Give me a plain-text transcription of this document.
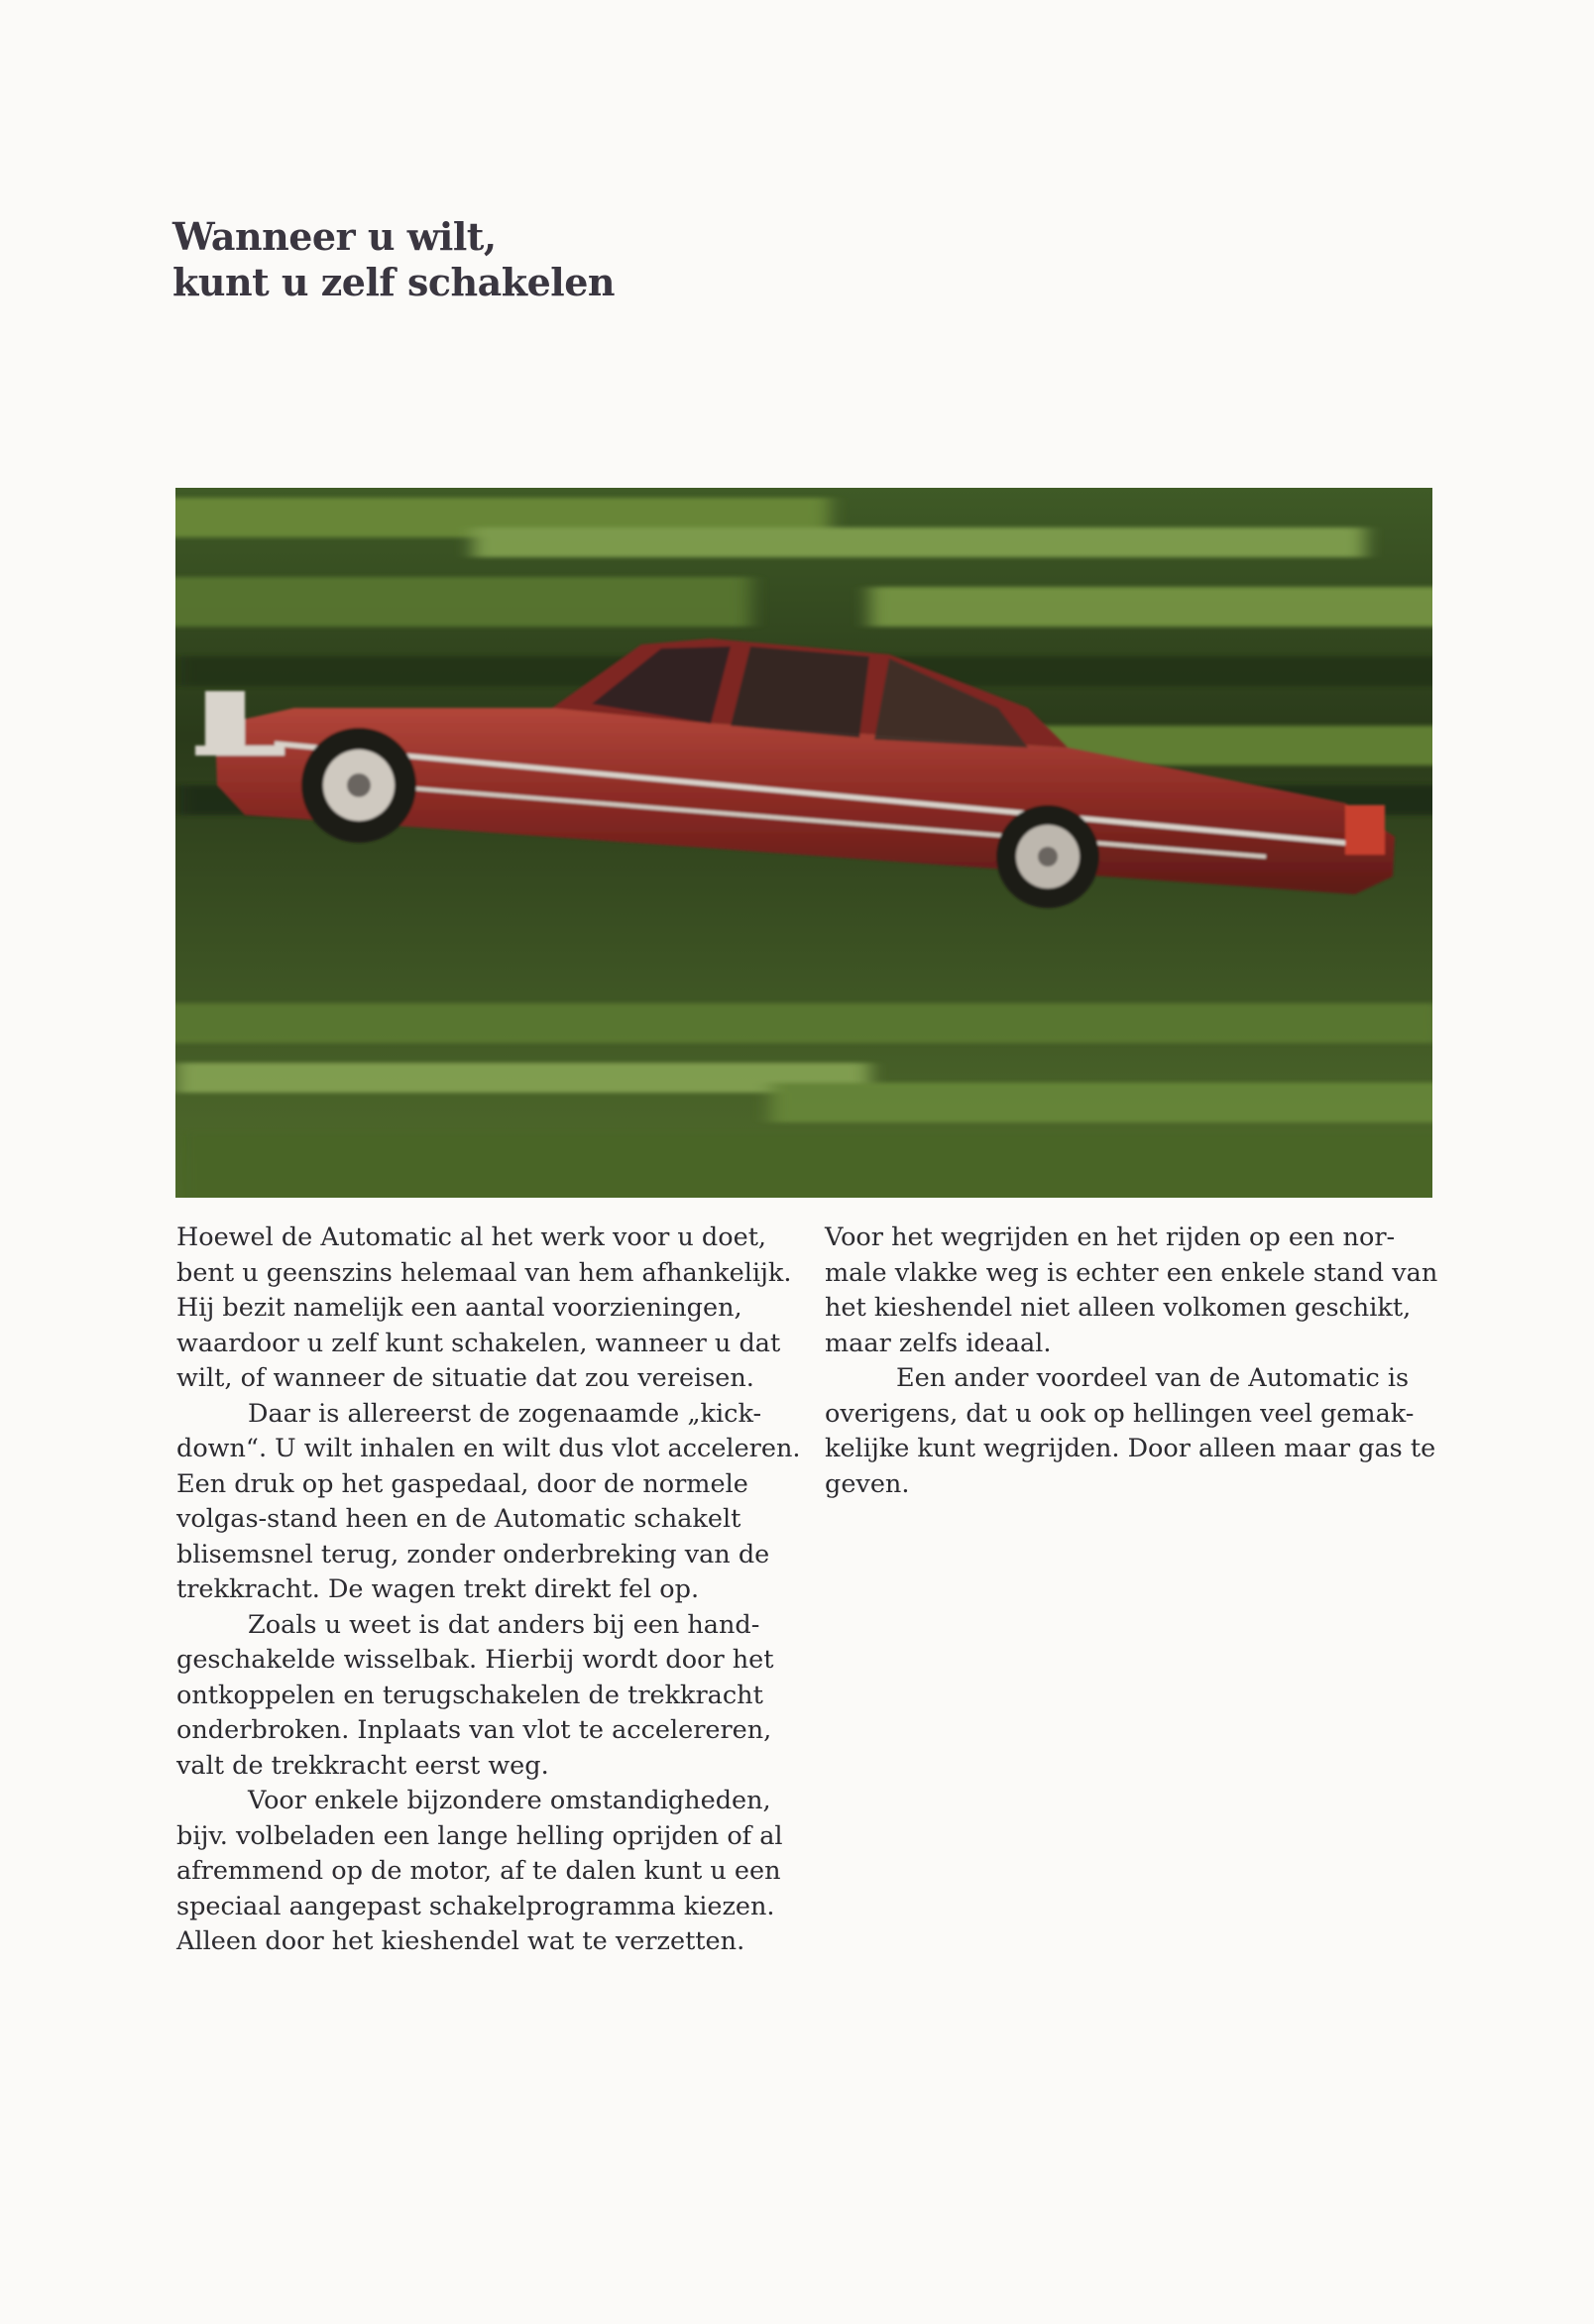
Wanneer u wilt,
kunt u zelf schakelen

Hoewel de Automatic al het werk voor u doet, bent u geenszins helemaal van hem afhankelijk. Hij bezit namelijk een aantal voorzieningen, waardoor u zelf kunt schakelen, wanneer u dat wilt, of wanneer de situatie dat zou vereisen.

Daar is allereerst de zogenaamde „kick-down“. U wilt inhalen en wilt dus vlot acceleren. Een druk op het gaspedaal, door de normele volgas-stand heen en de Automatic schakelt blisemsnel terug, zonder onderbreking van de trekkracht. De wagen trekt direkt fel op.

Zoals u weet is dat anders bij een hand-geschakelde wisselbak. Hierbij wordt door het ontkoppelen en terugschakelen de trekkracht onderbroken. Inplaats van vlot te accelereren, valt de trekkracht eerst weg.

Voor enkele bijzondere omstandigheden, bijv. volbeladen een lange helling oprijden of al afremmend op de motor, af te dalen kunt u een speciaal aangepast schakelprogramma kiezen. Alleen door het kieshendel wat te verzetten.

Voor het wegrijden en het rijden op een nor-male vlakke weg is echter een enkele stand van het kieshendel niet alleen volkomen geschikt, maar zelfs ideaal.

Een ander voordeel van de Automatic is overigens, dat u ook op hellingen veel gemak-kelijke kunt wegrijden. Door alleen maar gas te geven.
